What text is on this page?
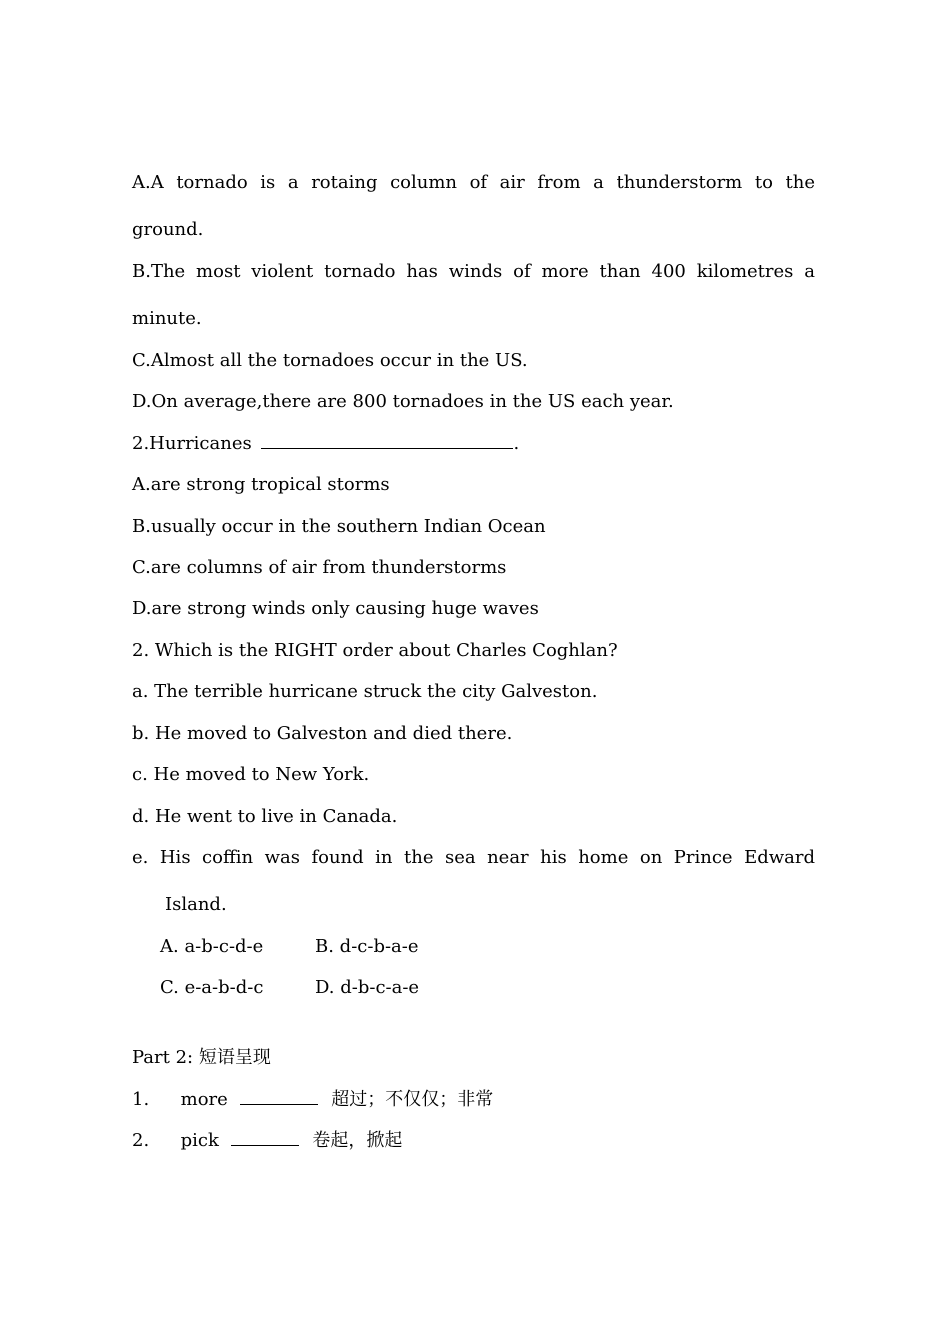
A.A tornado is a rotaing column of air from a thunderstorm to the
ground.
B.The most violent tornado has winds of more than 400 kilometres a
minute.
C.Almost all the tornadoes occur in the US.
D.On average,there are 800 tornadoes in the US each year.
2.Hurricanes	.
A.are strong tropical storms
B.usually occur in the southern Indian Ocean
C.are columns of air from thunderstorms
D.are strong winds only causing huge waves
2. Which is the RIGHT order about Charles Coghlan?
a. The terrible hurricane struck the city Galveston.
b. He moved to Galveston and died there.
c. He moved to New York.
d. He went to live in Canada.
e. His coffin was found in the sea near his home on Prince Edward
Island.
A. a-b-c-d-e	B. d-c-b-a-e
C. e-a-b-d-c	D. d-b-c-a-e
Part 2: 短语呈现
1. more	超过；不仅仅；非常
2. pick	卷起，掀起
